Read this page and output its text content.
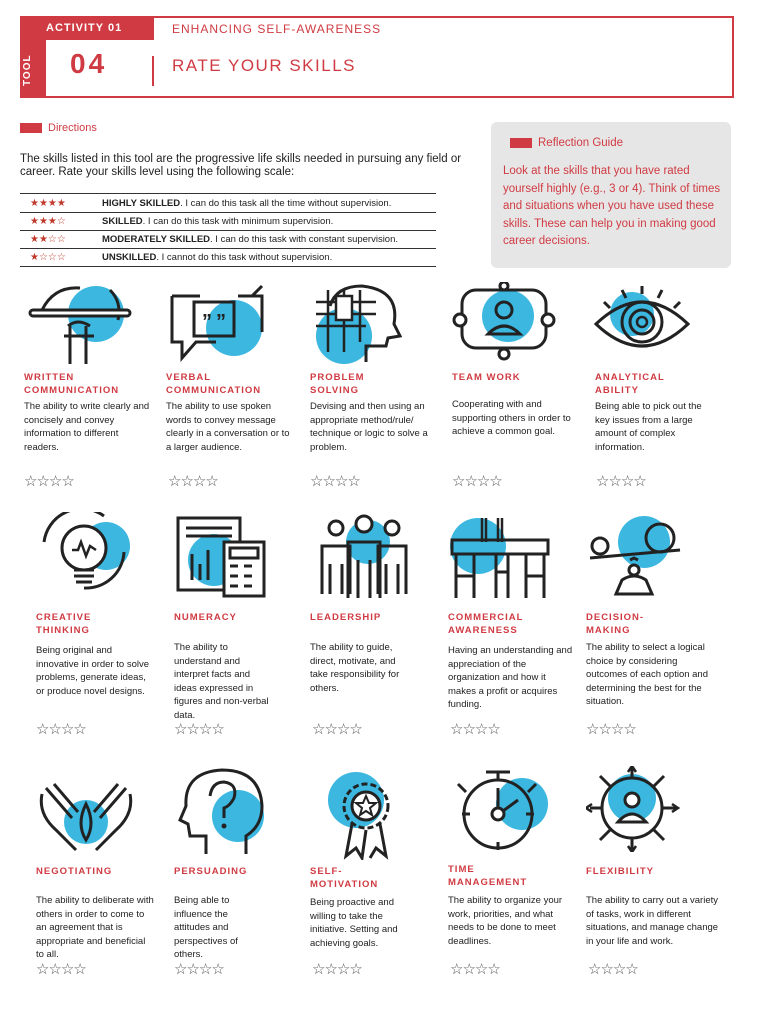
ACTIVITY 01
TOOL	04
ENHANCING SELF-AWARENESS
RATE YOUR SKILLS
Directions
The skills listed in this tool are the progressive life skills needed in pursuing any field or career. Rate your skills level using the following scale:
★★★★	HIGHLY SKILLED. I can do this task all the time without supervision.
★★★☆	SKILLED. I can do this task with minimum supervision.
★★☆☆	MODERATELY SKILLED. I can do this task with constant supervision.
★☆☆☆	UNSKILLED. I cannot do this task without supervision.
Reflection Guide
Look at the skills that you have rated yourself highly (e.g., 3 or 4). Think of times and situations when you have used these skills. These can help you in making good career decisions.
” ”
WRITTEN COMMUNICATION
The ability to write clearly and concisely and convey information to different readers.
☆☆☆☆
VERBAL COMMUNICATION
The ability to use spoken words to convey message clearly in a conversation or to a larger audience.
☆☆☆☆
PROBLEM SOLVING
Devising and then using an appropriate method/rule/ technique or logic to solve a problem.
☆☆☆☆
TEAM WORK
Cooperating with and supporting others in order to achieve a common goal.
☆☆☆☆
ANALYTICAL ABILITY
Being able to pick out the key issues from a large amount of complex information.
☆☆☆☆
CREATIVE THINKING
Being original and innovative in order to solve problems, generate ideas, or produce novel designs.
☆☆☆☆
NUMERACY
The ability to understand and interpret facts and ideas expressed in figures and non-verbal data.
☆☆☆☆
LEADERSHIP
The ability to guide, direct, motivate, and take responsibility for others.
☆☆☆☆
COMMERCIAL AWARENESS
Having an understanding and appreciation of the organization and how it makes a profit or acquires funding.
☆☆☆☆
DECISION-MAKING
The ability to select a logical choice by considering outcomes of each option and determining the best for the situation.
☆☆☆☆
NEGOTIATING
The ability to deliberate with others in order to come to an agreement that is appropriate and beneficial to all.
☆☆☆☆
PERSUADING
Being able to influence the attitudes and perspectives of others.
☆☆☆☆
SELF-MOTIVATION
Being proactive and willing to take the initiative. Setting and achieving goals.
☆☆☆☆
TIME MANAGEMENT
The ability to organize your work, priorities, and what needs to be done to meet deadlines.
☆☆☆☆
FLEXIBILITY
The ability to carry out a variety of tasks, work in different situations, and manage change in your life and work.
☆☆☆☆
